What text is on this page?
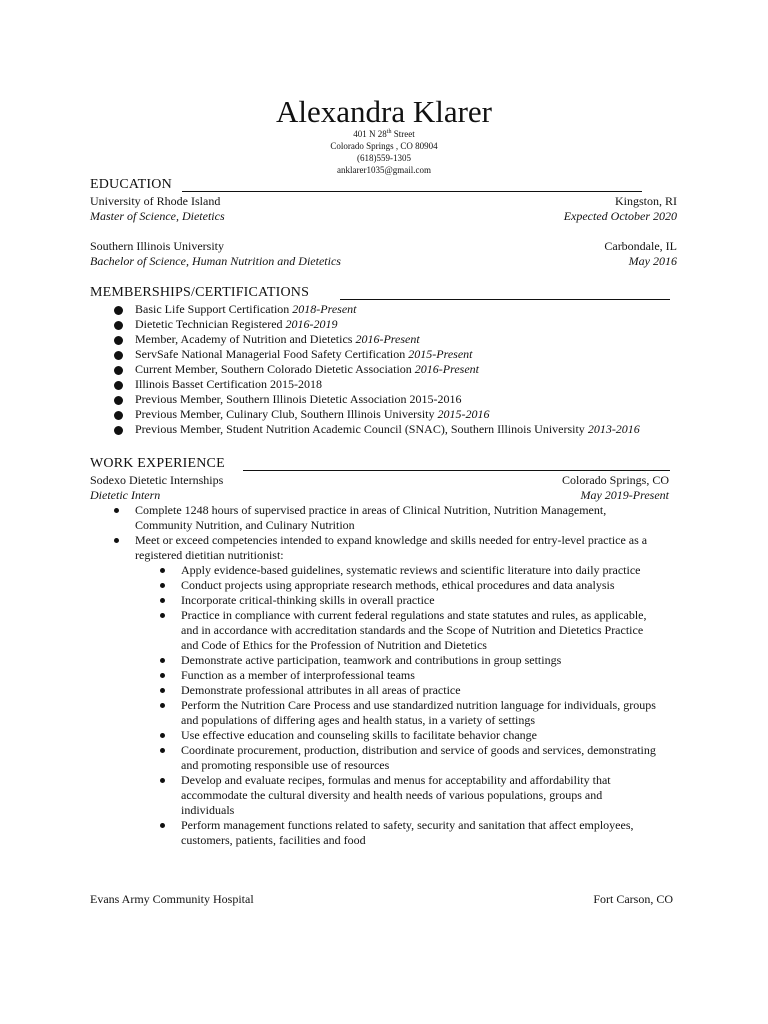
Alexandra Klarer
401 N 28th Street
Colorado Springs , CO 80904
(618)559-1305
anklarer1035@gmail.com
EDUCATION
University of Rhode Island	Kingston, RI
Master of Science, Dietetics	Expected October 2020
Southern Illinois University	Carbondale, IL
Bachelor of Science, Human Nutrition and Dietetics	May 2016
MEMBERSHIPS/CERTIFICATIONS
Basic Life Support Certification 2018-Present
Dietetic Technician Registered 2016-2019
Member, Academy of Nutrition and Dietetics 2016-Present
ServSafe National Managerial Food Safety Certification 2015-Present
Current Member, Southern Colorado Dietetic Association 2016-Present
Illinois Basset Certification 2015-2018
Previous Member, Southern Illinois Dietetic Association 2015-2016
Previous Member, Culinary Club, Southern Illinois University 2015-2016
Previous Member, Student Nutrition Academic Council (SNAC), Southern Illinois University 2013-2016
WORK EXPERIENCE
Sodexo Dietetic Internships	Colorado Springs, CO
Dietetic Intern	May 2019-Present
Complete 1248 hours of supervised practice in areas of Clinical Nutrition, Nutrition Management,
Community Nutrition, and Culinary Nutrition
Meet or exceed competencies intended to expand knowledge and skills needed for entry-level practice as a
registered dietitian nutritionist:
Apply evidence-based guidelines, systematic reviews and scientific literature into daily practice
Conduct projects using appropriate research methods, ethical procedures and data analysis
Incorporate critical-thinking skills in overall practice
Practice in compliance with current federal regulations and state statutes and rules, as applicable,
and in accordance with accreditation standards and the Scope of Nutrition and Dietetics Practice
and Code of Ethics for the Profession of Nutrition and Dietetics
Demonstrate active participation, teamwork and contributions in group settings
Function as a member of interprofessional teams
Demonstrate professional attributes in all areas of practice
Perform the Nutrition Care Process and use standardized nutrition language for individuals, groups
and populations of differing ages and health status, in a variety of settings
Use effective education and counseling skills to facilitate behavior change
Coordinate procurement, production, distribution and service of goods and services, demonstrating
and promoting responsible use of resources
Develop and evaluate recipes, formulas and menus for acceptability and affordability that
accommodate the cultural diversity and health needs of various populations, groups and
individuals
Perform management functions related to safety, security and sanitation that affect employees,
customers, patients, facilities and food
Evans Army Community Hospital	Fort Carson, CO
